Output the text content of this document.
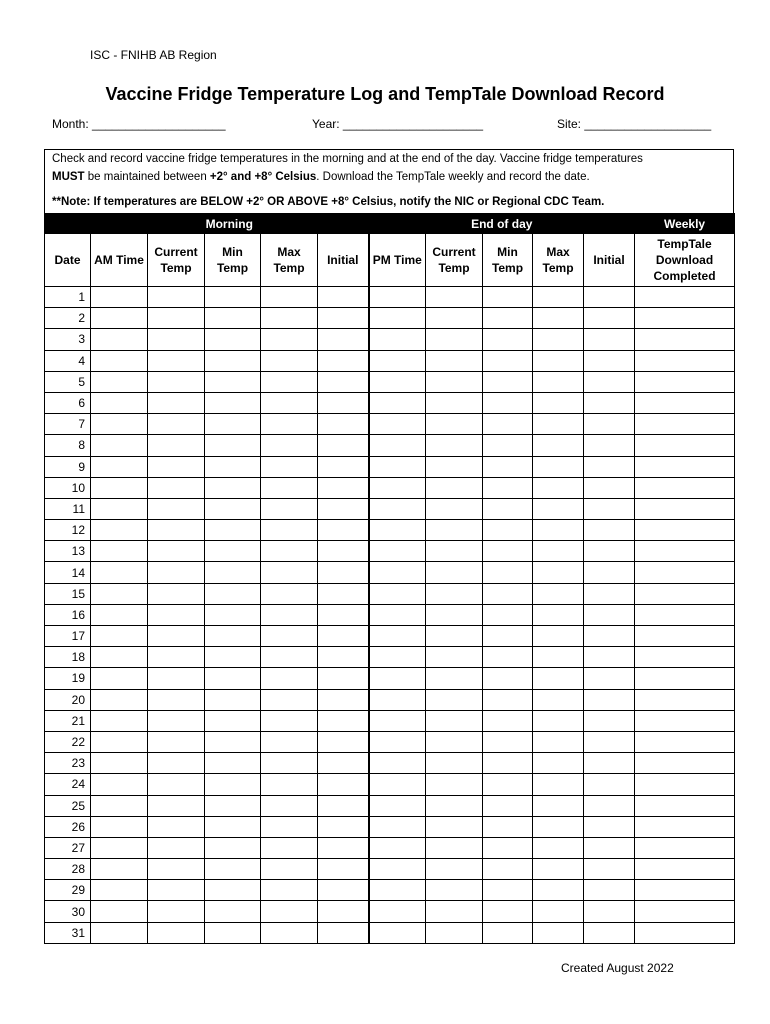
ISC - FNIHB AB Region
Vaccine Fridge Temperature Log and TempTale Download Record
Month: ____________________	Year: _____________________	Site: ___________________
Check and record vaccine fridge temperatures in the morning and at the end of the day. Vaccine fridge temperatures
MUST be maintained between +2° and +8° Celsius. Download the TempTale weekly and record the date.
**Note: If temperatures are BELOW +2° OR ABOVE +8° Celsius, notify the NIC or Regional CDC Team.
	Morning					End of day					Weekly
Date	AM Time	Current Temp	Min Temp	Max Temp	Initial	PM Time	Current Temp	Min Temp	Max Temp	Initial	TempTale Download Completed
1											
2											
3											
4											
5											
6											
7											
8											
9											
10											
11											
12											
13											
14											
15											
16											
17											
18											
19											
20											
21											
22											
23											
24											
25											
26											
27											
28											
29											
30											
31											
Created August 2022
